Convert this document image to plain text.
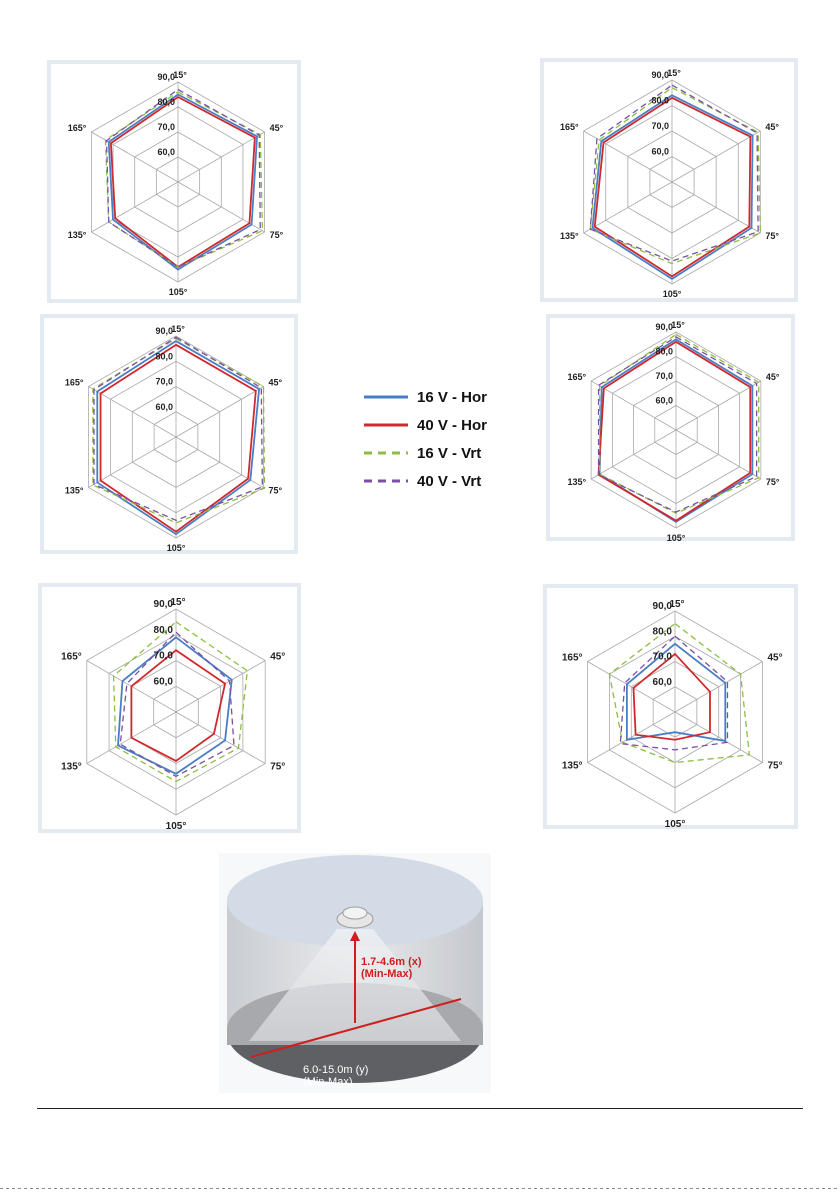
60,0
70,0
80,0
90,0
15°
45°
75°
105°
135°
165°
60,0
70,0
80,0
90,0
15°
45°
75°
105°
135°
165°
60,0
70,0
80,0
90,0
15°
45°
75°
105°
135°
165°
60,0
70,0
80,0
90,0
15°
45°
75°
105°
135°
165°
60,0
70,0
80,0
90,0
15°
45°
75°
105°
135°
165°
60,0
70,0
80,0
90,0
15°
45°
75°
105°
135°
165°
16 V - Hor
40 V - Hor
16 V - Vrt
40 V - Vrt
1.7-4.6m (x)
(Min-Max)
6.0-15.0m (y)
(Min-Max)
